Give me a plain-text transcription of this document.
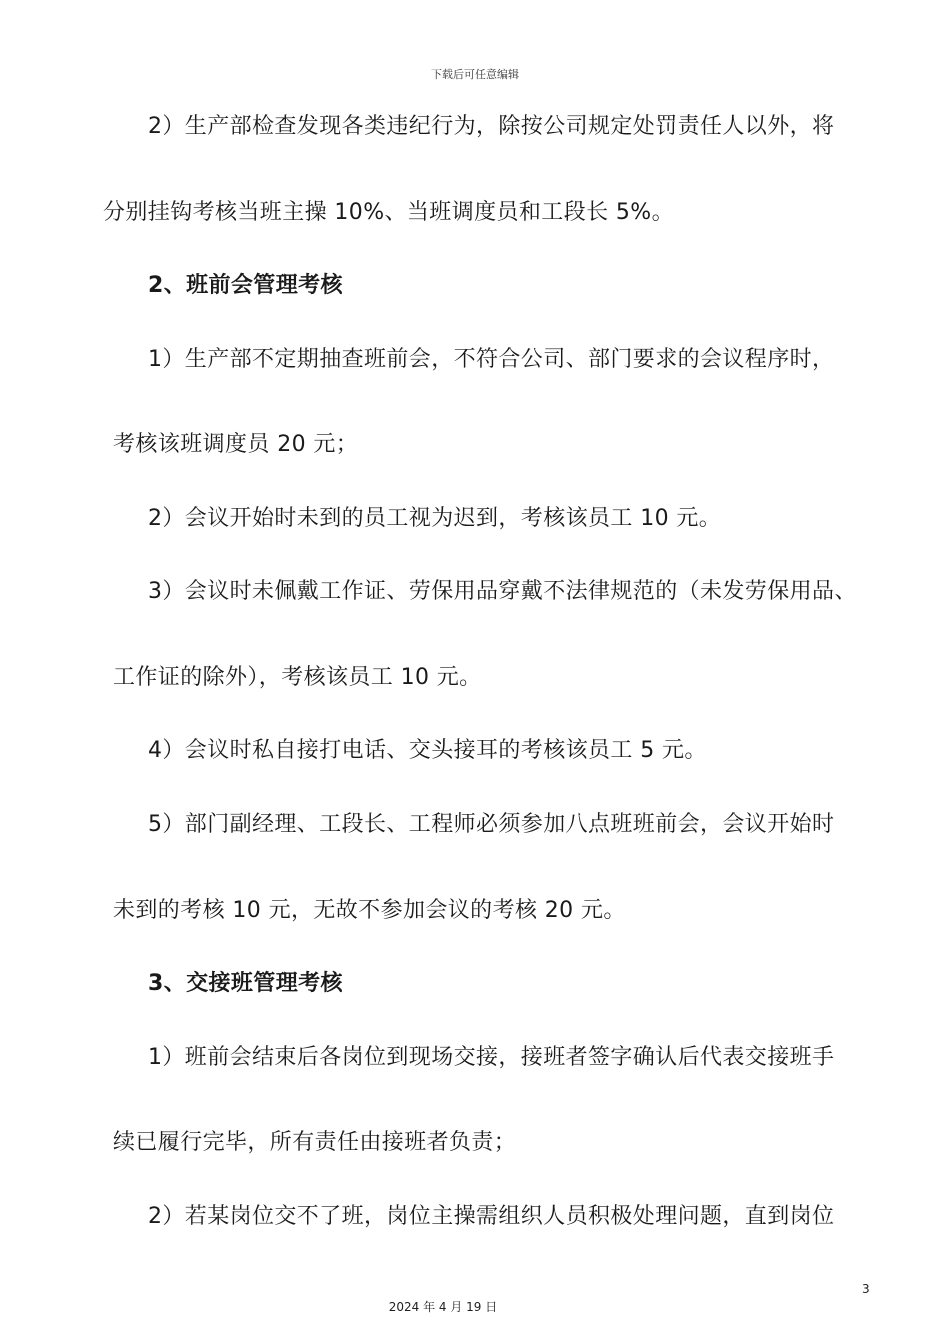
下载后可任意编辑
2）生产部检查发现各类违纪行为，除按公司规定处罚责任人以外，将
分别挂钩考核当班主操 10%、当班调度员和工段长 5%。
2、班前会管理考核
1）生产部不定期抽查班前会，不符合公司、部门要求的会议程序时，
考核该班调度员 20 元；
2）会议开始时未到的员工视为迟到，考核该员工 10 元。
3）会议时未佩戴工作证、劳保用品穿戴不法律规范的（未发劳保用品、
工作证的除外），考核该员工 10 元。
4）会议时私自接打电话、交头接耳的考核该员工 5 元。
5）部门副经理、工段长、工程师必须参加八点班班前会，会议开始时
未到的考核 10 元，无故不参加会议的考核 20 元。
3、交接班管理考核
1）班前会结束后各岗位到现场交接，接班者签字确认后代表交接班手
续已履行完毕，所有责任由接班者负责；
2）若某岗位交不了班，岗位主操需组织人员积极处理问题，直到岗位
3
2024 年 4 月 19 日
